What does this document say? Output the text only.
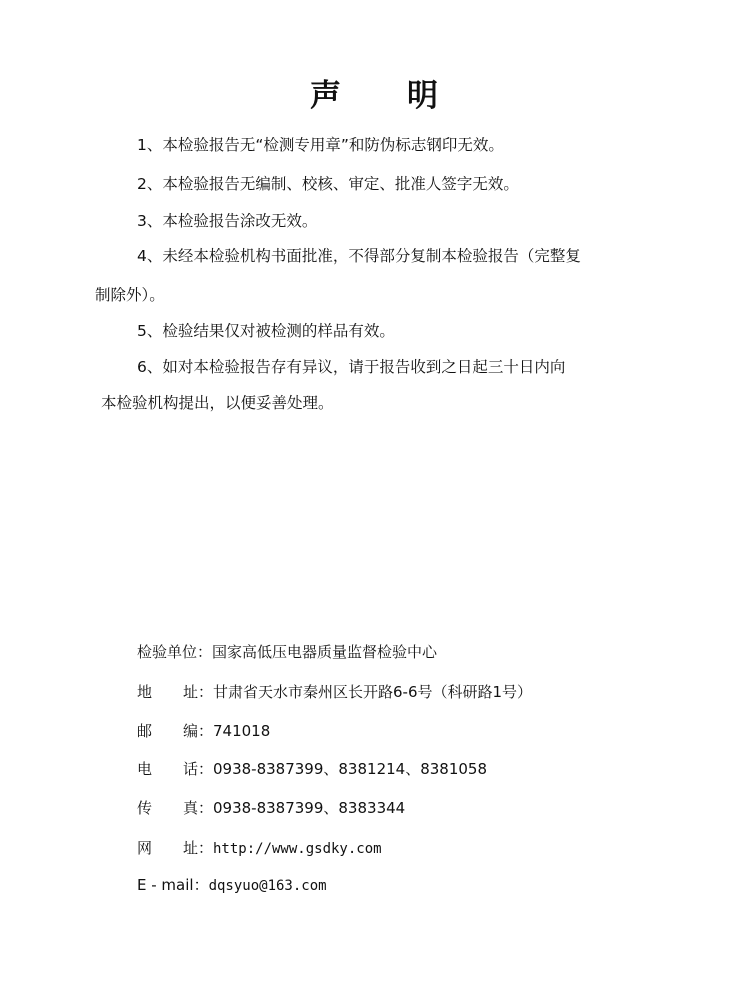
声 明
1、本检验报告无“检测专用章”和防伪标志钢印无效。
2、本检验报告无编制、校核、审定、批准人签字无效。
3、本检验报告涂改无效。
4、未经本检验机构书面批准，不得部分复制本检验报告（完整复
制除外）。
5、检验结果仅对被检测的样品有效。
6、如对本检验报告存有异议，请于报告收到之日起三十日内向
本检验机构提出，以便妥善处理。
检验单位：国家高低压电器质量监督检验中心
地 址： 甘肃省天水市秦州区长开路6-6号（科研路1号）
邮 编： 741018
电 话： 0938-8387399、8381214、8381058
传 真： 0938-8387399、8383344
网 址： http://www.gsdky.com
E - mail：dqsyuo@163.com
